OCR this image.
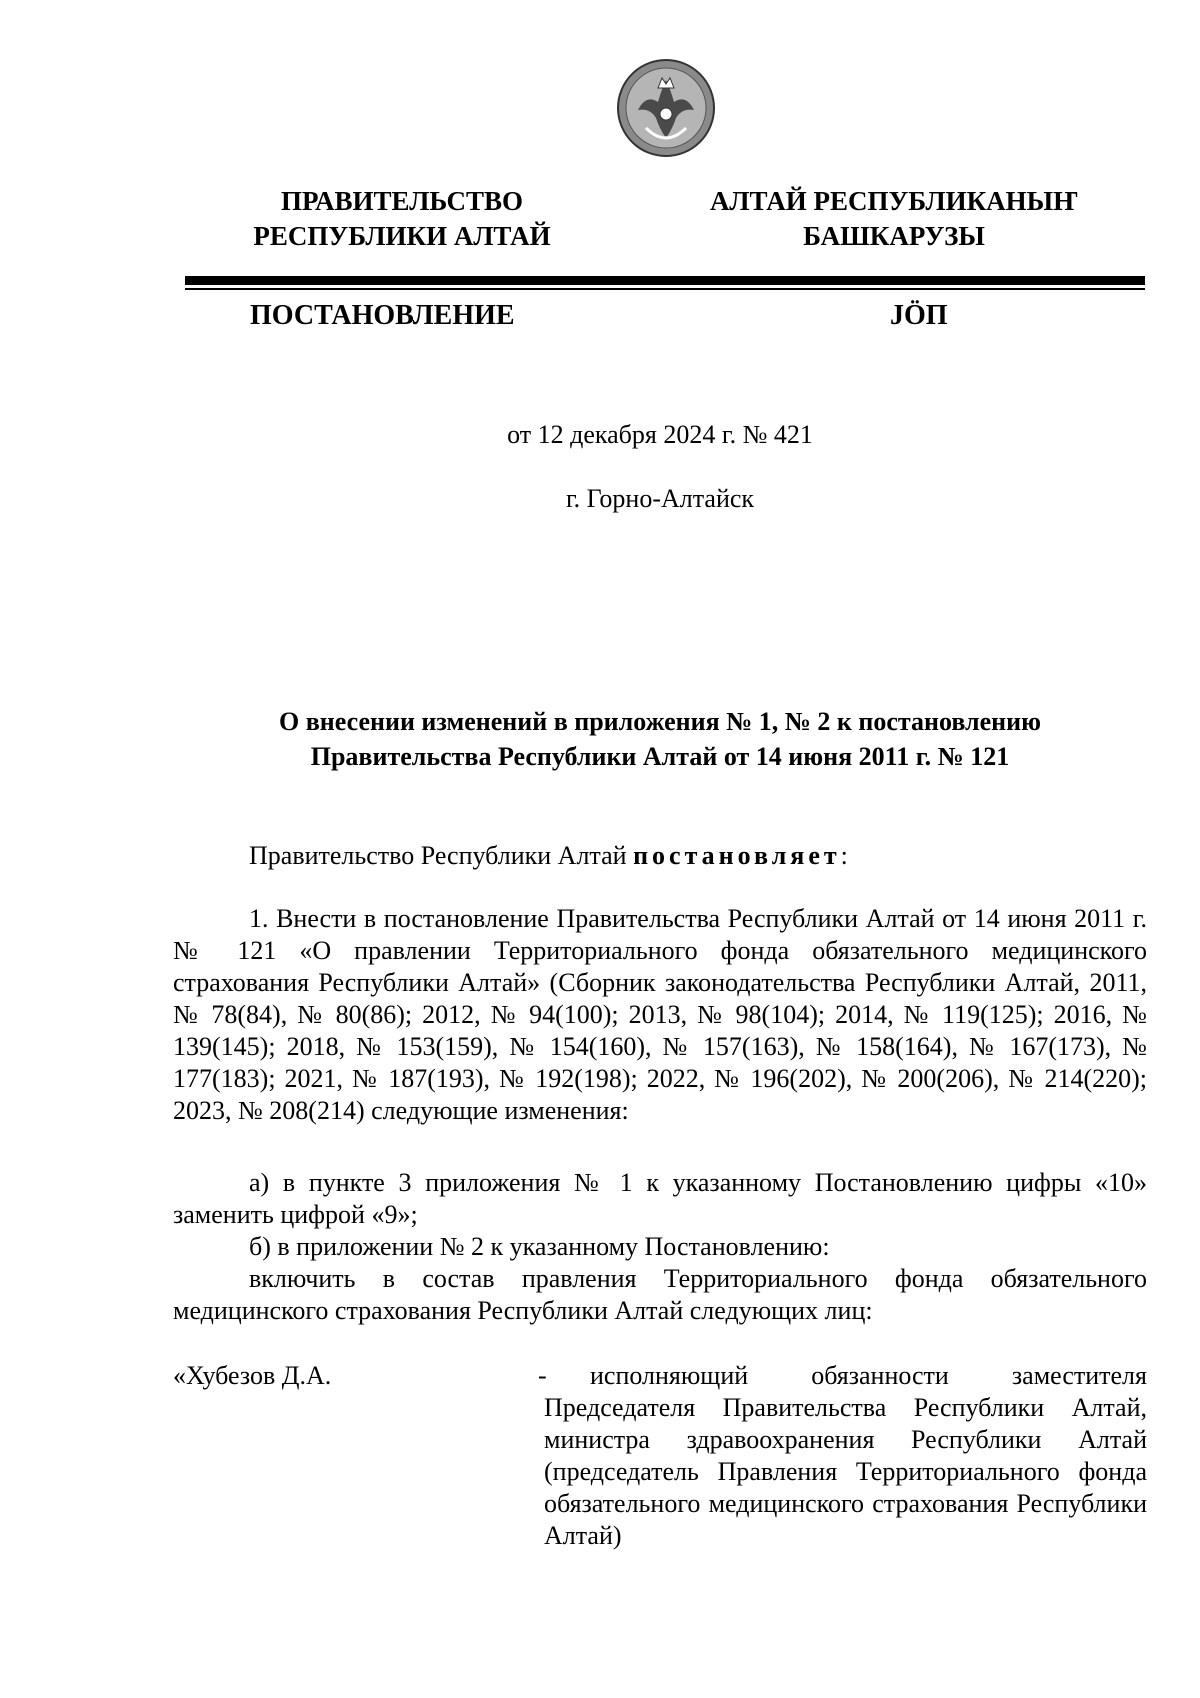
ПРАВИТЕЛЬСТВО
РЕСПУБЛИКИ АЛТАЙ
АЛТАЙ РЕСПУБЛИКАНЫҤ
БАШКАРУЗЫ
ПОСТАНОВЛЕНИЕ	JÖП
от 12 декабря 2024 г. № 421
г. Горно-Алтайск
О внесении изменений в приложения № 1, № 2 к постановлению
Правительства Республики Алтай от 14 июня 2011 г. № 121
Правительство Республики Алтай постановляет:
1. Внести в постановление Правительства Республики Алтай от 14 июня 2011 г. № 121 «О правлении Территориального фонда обязательного медицинского страхования Республики Алтай» (Сборник законодательства Республики Алтай, 2011, № 78(84), № 80(86); 2012, № 94(100); 2013, № 98(104); 2014, № 119(125); 2016, № 139(145); 2018, № 153(159), № 154(160), № 157(163), № 158(164), № 167(173), № 177(183); 2021, № 187(193), № 192(198); 2022, № 196(202), № 200(206), № 214(220); 2023, № 208(214) следующие изменения:
а) в пункте 3 приложения № 1 к указанному Постановлению цифры «10» заменить цифрой «9»;
б) в приложении № 2 к указанному Постановлению:
включить в состав правления Территориального фонда обязательного медицинского страхования Республики Алтай следующих лиц:
«Хубезов Д.А.	-	исполняющий обязанности заместителя Председателя Правительства Республики Алтай, министра здравоохранения Республики Алтай (председатель Правления Территориального фонда обязательного медицинского страхования Республики Алтай)
